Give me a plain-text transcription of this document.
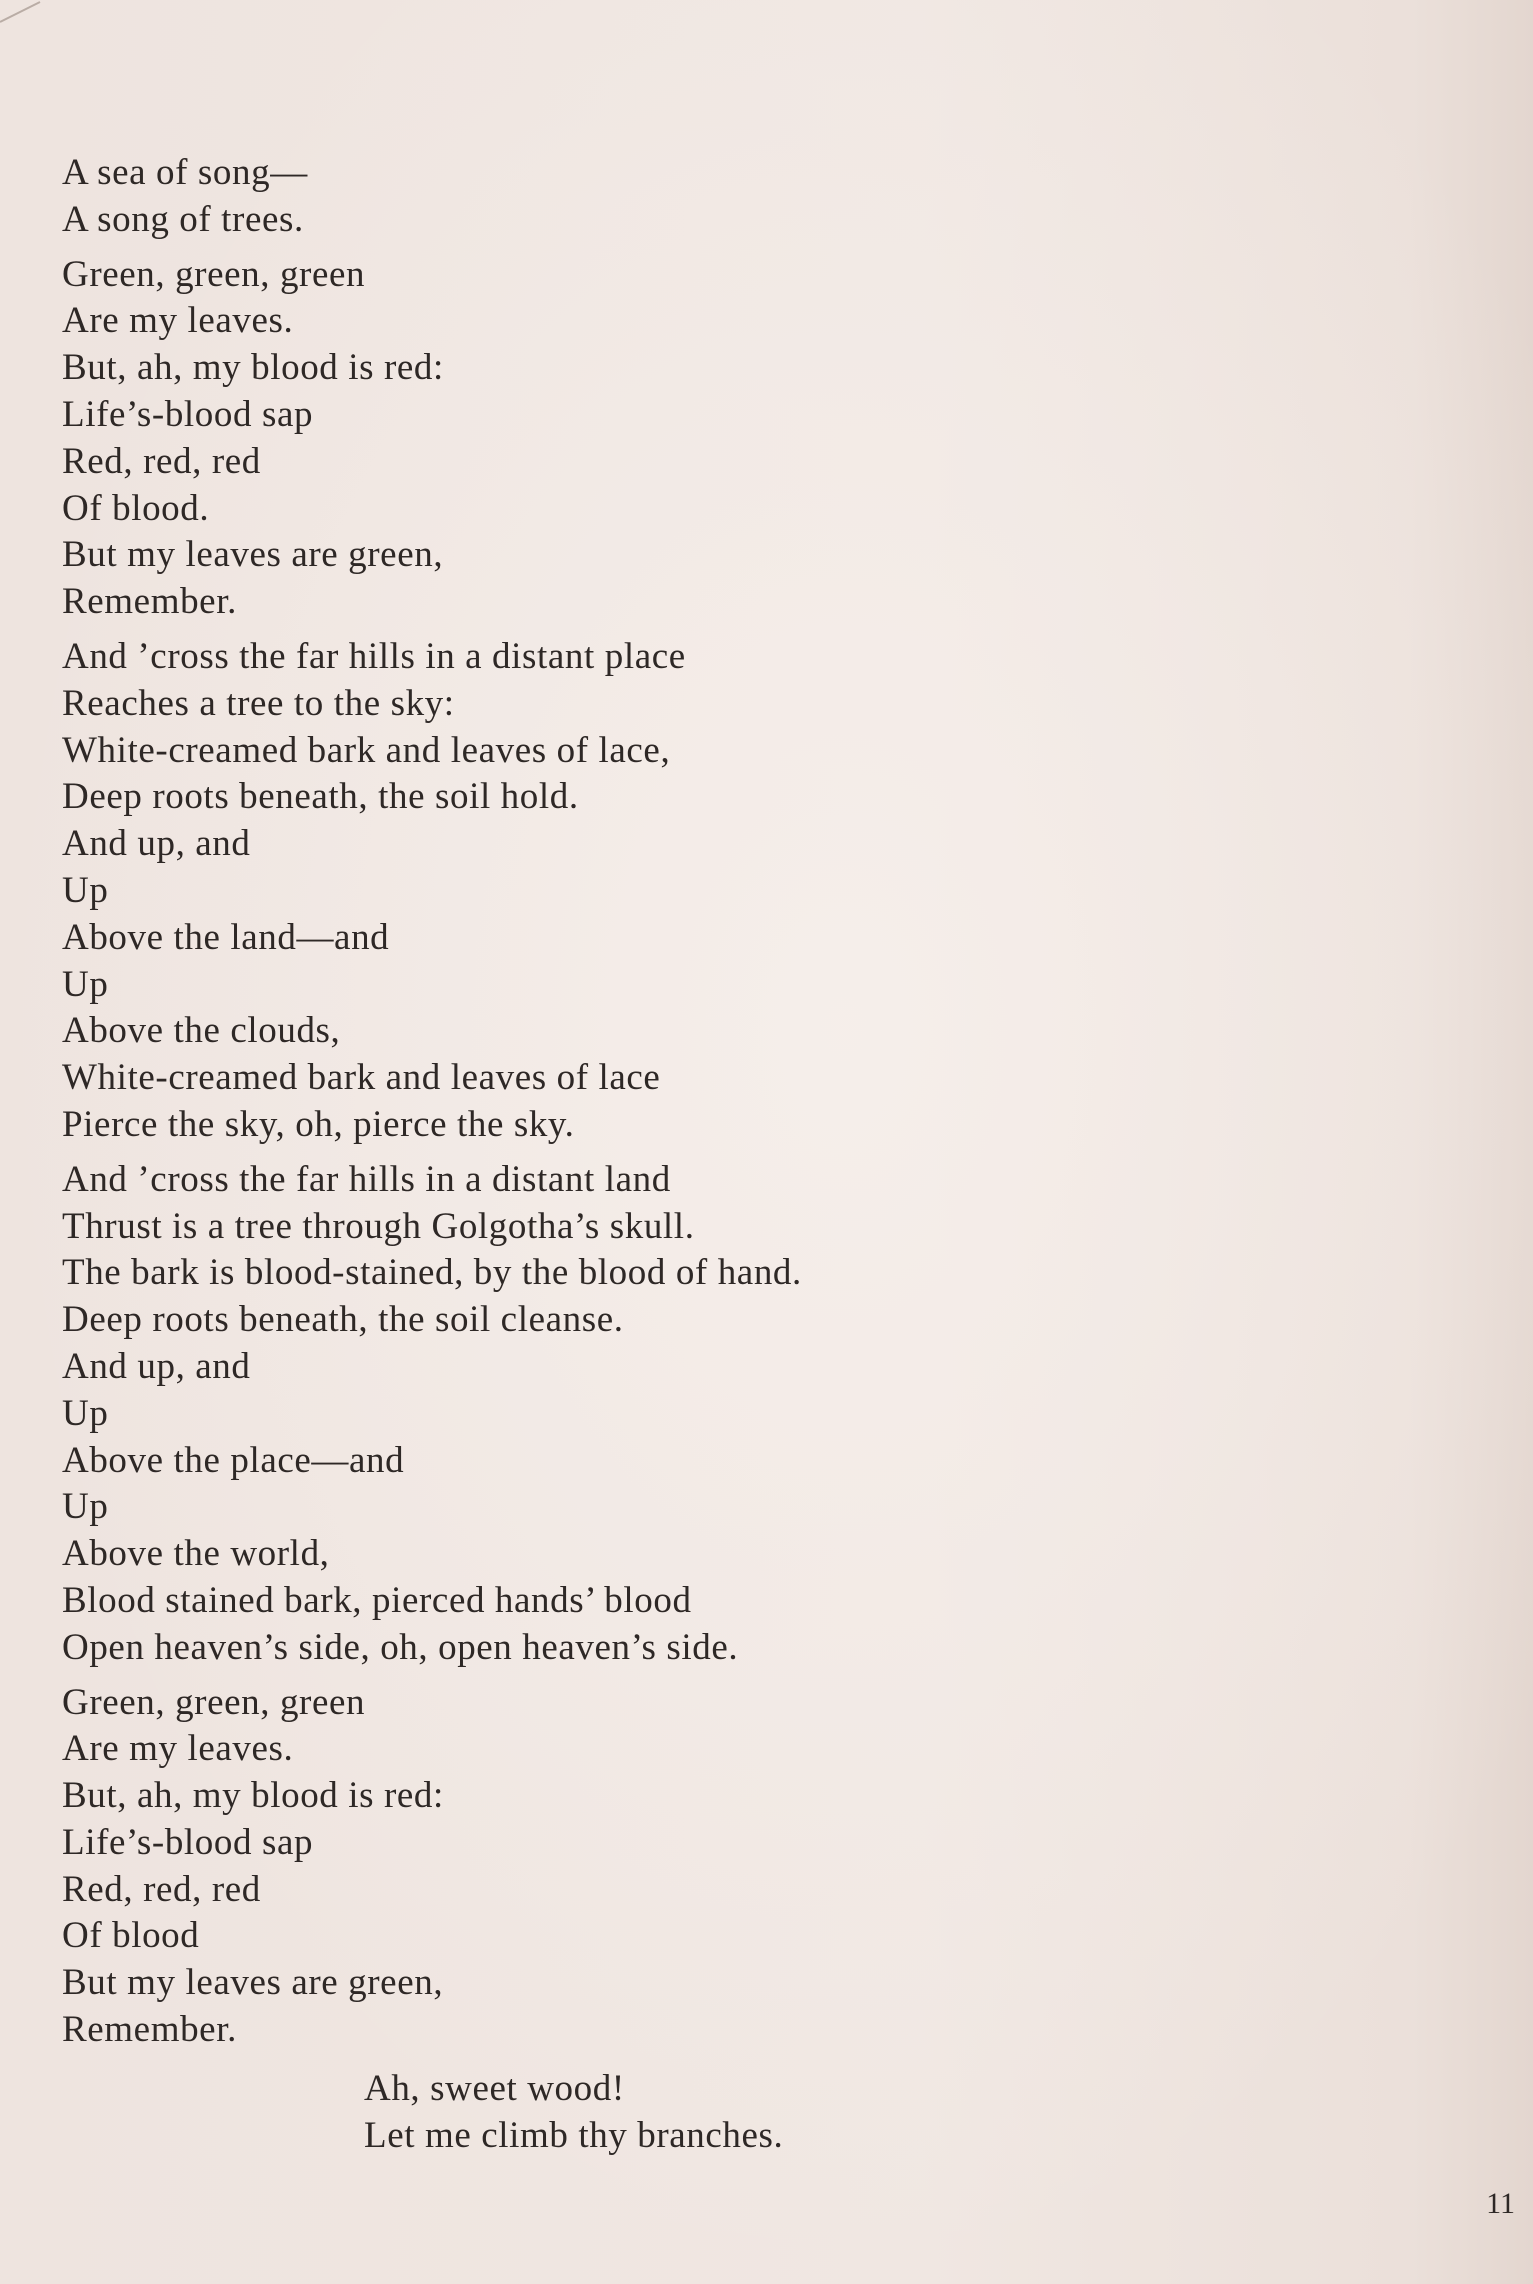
A sea of song—
A song of trees.
Green, green, green
Are my leaves.
But, ah, my blood is red:
Life’s-blood sap
Red, red, red
Of blood.
But my leaves are green,
Remember.
And ’cross the far hills in a distant place
Reaches a tree to the sky:
White-creamed bark and leaves of lace,
Deep roots beneath, the soil hold.
And up, and
Up
Above the land—and
Up
Above the clouds,
White-creamed bark and leaves of lace
Pierce the sky, oh, pierce the sky.
And ’cross the far hills in a distant land
Thrust is a tree through Golgotha’s skull.
The bark is blood-stained, by the blood of hand.
Deep roots beneath, the soil cleanse.
And up, and
Up
Above the place—and
Up
Above the world,
Blood stained bark, pierced hands’ blood
Open heaven’s side, oh, open heaven’s side.
Green, green, green
Are my leaves.
But, ah, my blood is red:
Life’s-blood sap
Red, red, red
Of blood
But my leaves are green,
Remember.
Ah, sweet wood!
Let me climb thy branches.
11
